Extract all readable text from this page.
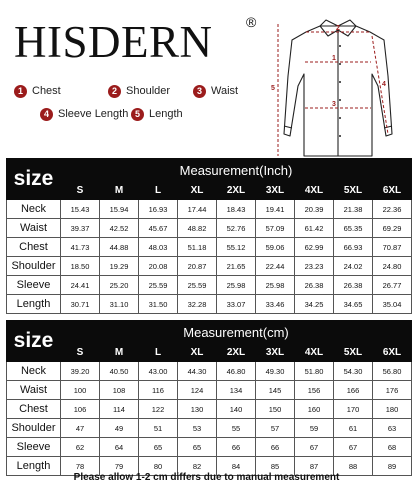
HISDERN ®
1 Chest	2 Shoulder	3 Waist
4 Sleeve Length 5 Length
2
1
3
4
5
size	Measurement(Inch)								
	S	M	L	XL	2XL	3XL	4XL	5XL	6XL
Neck	15.43	15.94	16.93	17.44	18.43	19.41	20.39	21.38	22.36
Waist	39.37	42.52	45.67	48.82	52.76	57.09	61.42	65.35	69.29
Chest	41.73	44.88	48.03	51.18	55.12	59.06	62.99	66.93	70.87
Shoulder	18.50	19.29	20.08	20.87	21.65	22.44	23.23	24.02	24.80
Sleeve	24.41	25.20	25.59	25.59	25.98	25.98	26.38	26.38	26.77
Length	30.71	31.10	31.50	32.28	33.07	33.46	34.25	34.65	35.04
size	Measurement(cm)								
	S	M	L	XL	2XL	3XL	4XL	5XL	6XL
Neck	39.20	40.50	43.00	44.30	46.80	49.30	51.80	54.30	56.80
Waist	100	108	116	124	134	145	156	166	176
Chest	106	114	122	130	140	150	160	170	180
Shoulder	47	49	51	53	55	57	59	61	63
Sleeve	62	64	65	65	66	66	67	67	68
Length	78	79	80	82	84	85	87	88	89
Please allow 1-2 cm differs due to manual measurement
